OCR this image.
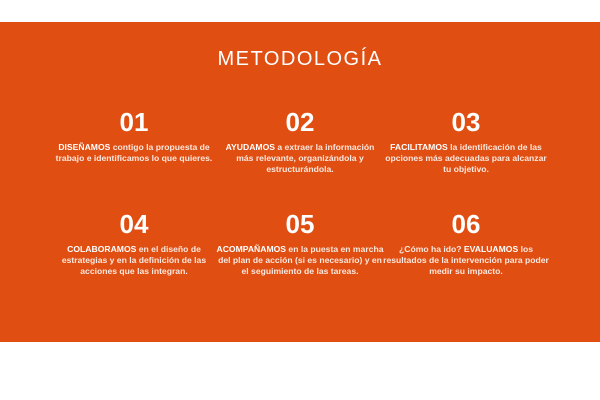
METODOLOGÍA
01
DISEÑAMOS contigo la propuesta de trabajo e identificamos lo que quieres.
02
AYUDAMOS a extraer la información más relevante, organizándola y estructurándola.
03
FACILITAMOS la identificación de las opciones más adecuadas para alcanzar tu objetivo.
04
COLABORAMOS en el diseño de estrategias y en la definición de las acciones que las integran.
05
ACOMPAÑAMOS en la puesta en marcha del plan de acción (si es necesario) y en el seguimiento de las tareas.
06
¿Cómo ha ido? EVALUAMOS los resultados de la intervención para poder medir su impacto.
